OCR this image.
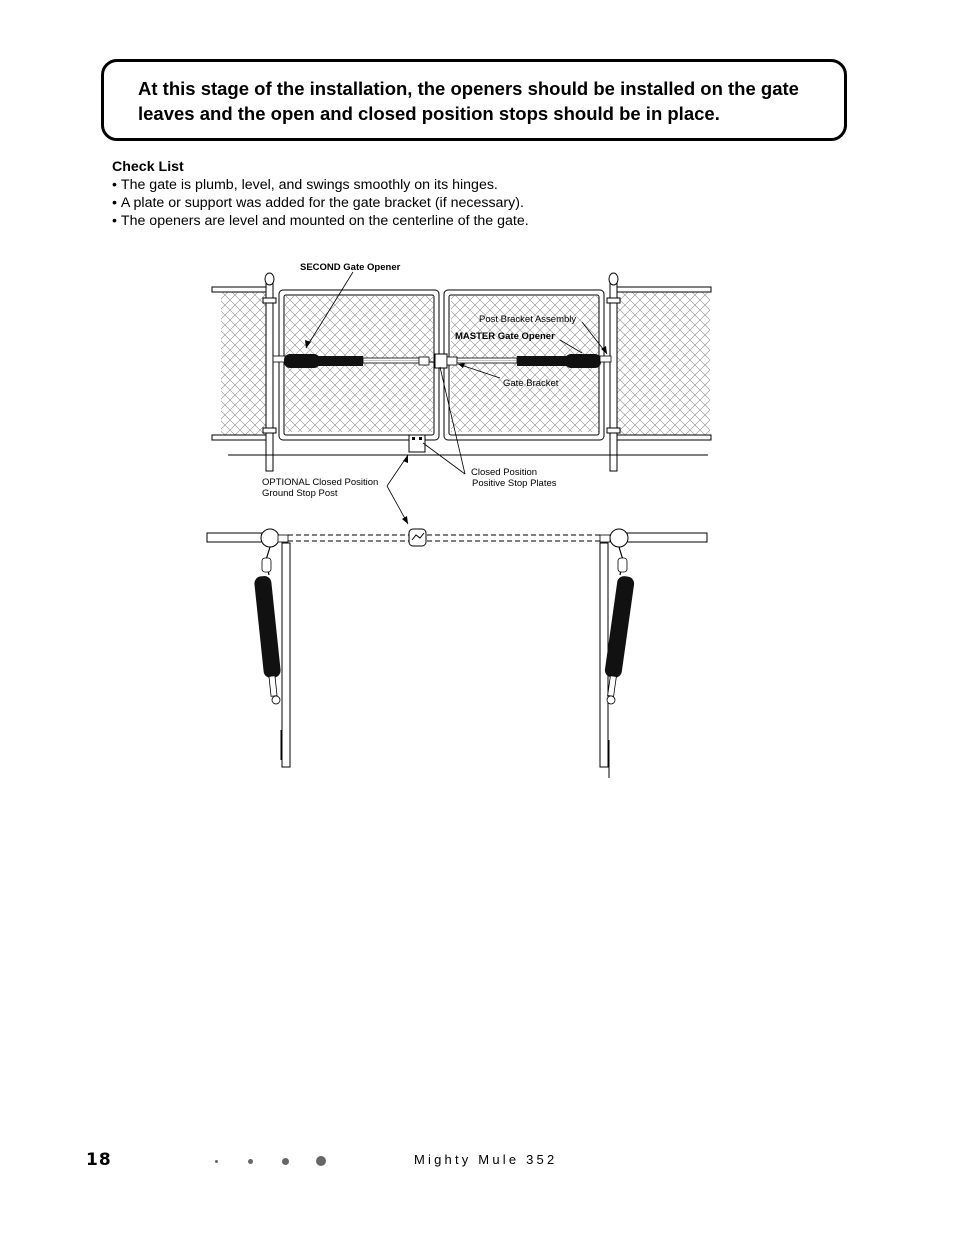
At this stage of the installation, the openers should be installed on the gate leaves and the open and closed position stops should be in place.

Check List

• The gate is plumb, level, and swings smoothly on its hinges.
• A plate or support was added for the gate bracket (if necessary).
• The openers are level and mounted on the centerline of the gate.
SECOND Gate Opener
Post Bracket Assembly
MASTER Gate Opener
Gate Bracket
Closed Position
Positive Stop Plates
OPTIONAL Closed Position
Ground Stop Post
18	Mighty Mule 352
